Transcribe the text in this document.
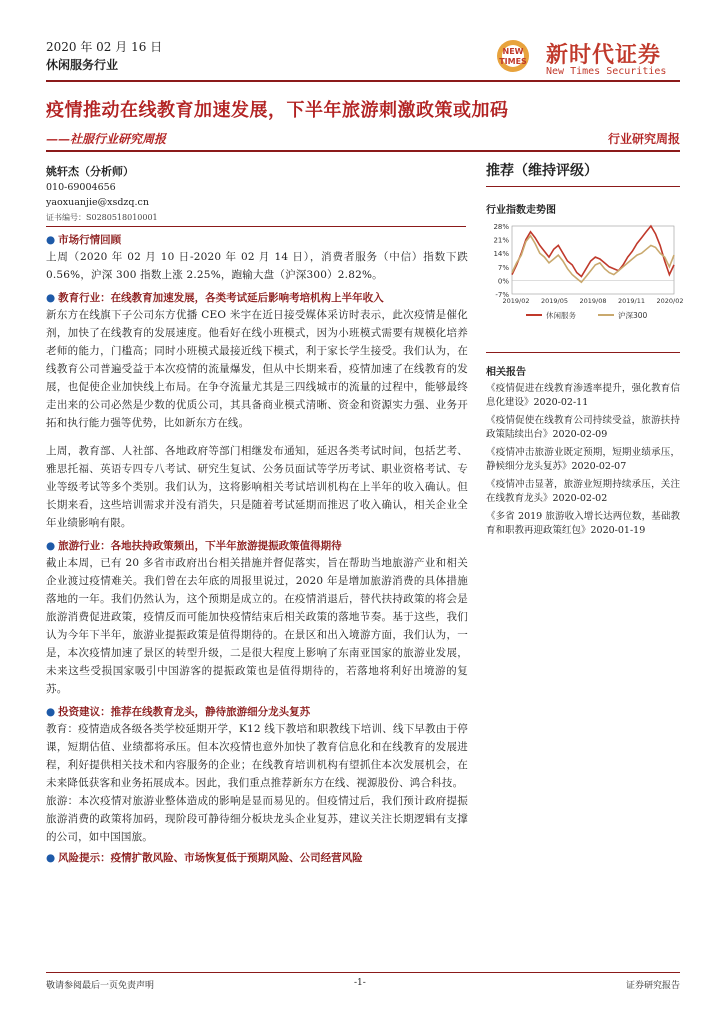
2020 年 02 月 16 日
休闲服务行业
NEW
TIMES 新时代证券
New Times Securities
疫情推动在线教育加速发展，下半年旅游刺激政策或加码
——社服行业研究周报	行业研究周报
姚轩杰（分析师）
010-69004656
yaoxuanjie@xsdzq.cn
证书编号：S0280518010001
● 市场行情回顾

上周（2020 年 02 月 10 日-2020 年 02 月 14 日），消费者服务（中信）指数下跌 0.56%，沪深 300 指数上涨 2.25%，跑输大盘（沪深300）2.82%。

● 教育行业：在线教育加速发展，各类考试延后影响考培机构上半年收入

新东方在线旗下子公司东方优播 CEO 米宇在近日接受媒体采访时表示，此次疫情是催化剂，加快了在线教育的发展速度。他看好在线小班模式，因为小班模式需要有规模化培养老师的能力，门槛高；同时小班模式最接近线下模式，利于家长学生接受。我们认为，在线教育公司普遍受益于本次疫情的流量爆发，但从中长期来看，疫情加速了在线教育的发展，也促使企业加快线上布局。在争夺流量尤其是三四线城市的流量的过程中，能够最终走出来的公司必然是少数的优质公司，其具备商业模式清晰、资金和资源实力强、业务开拓和执行能力强等优势，比如新东方在线。

上周，教育部、人社部、各地政府等部门相继发布通知，延迟各类考试时间，包括艺考、雅思托福、英语专四专八考试、研究生复试、公务员面试等学历考试、职业资格考试、专业等级考试等多个类别。我们认为，这将影响相关考试培训机构在上半年的收入确认。但长期来看，这些培训需求并没有消失，只是随着考试延期而推迟了收入确认，相关企业全年业绩影响有限。

● 旅游行业：各地扶持政策频出，下半年旅游提振政策值得期待

截止本周，已有 20 多省市政府出台相关措施并督促落实，旨在帮助当地旅游产业和相关企业渡过疫情难关。我们曾在去年底的周报里说过，2020 年是增加旅游消费的具体措施落地的一年。我们仍然认为，这个预期是成立的。在疫情消退后，替代扶持政策的将会是旅游消费促进政策，疫情反而可能加快疫情结束后相关政策的落地节奏。基于这些，我们认为今年下半年，旅游业提振政策是值得期待的。在景区和出入境游方面，我们认为，一是，本次疫情加速了景区的转型升级，二是很大程度上影响了东南亚国家的旅游业发展，未来这些受损国家吸引中国游客的提振政策也是值得期待的，若落地将利好出境游的复苏。

● 投资建议：推荐在线教育龙头，静待旅游细分龙头复苏

教育：疫情造成各级各类学校延期开学，K12 线下教培和职教线下培训、线下早教由于停课，短期估值、业绩都将承压。但本次疫情也意外加快了教育信息化和在线教育的发展进程，利好提供相关技术和内容服务的企业；在线教育培训机构有望抓住本次发展机会，在未来降低获客和业务拓展成本。因此，我们重点推荐新东方在线、视源股份、鸿合科技。

旅游：本次疫情对旅游业整体造成的影响是显而易见的。但疫情过后，我们预计政府提振旅游消费的政策将加码，现阶段可静待细分板块龙头企业复苏，建议关注长期逻辑有支撑的公司，如中国国旅。

● 风险提示：疫情扩散风险、市场恢复低于预期风险、公司经营风险
推荐（维持评级）
行业指数走势图
28%
21%
14%
7%
0%
-7%
2019/02 2019/05 2019/08 2019/11 2020/02
休闲服务	沪深300
相关报告
《疫情促进在线教育渗透率提升，强化教育信息化建设》2020-02-11
《疫情促使在线教育公司持续受益，旅游扶持政策陆续出台》2020-02-09
《疫情冲击旅游业既定预期，短期业绩承压，静候细分龙头复苏》2020-02-07
《疫情冲击显著，旅游业短期持续承压，关注在线教育龙头》2020-02-02
《多省 2019 旅游收入增长达两位数，基础教育和职教再迎政策红包》2020-01-19
敬请参阅最后一页免责声明	-1-	证券研究报告
